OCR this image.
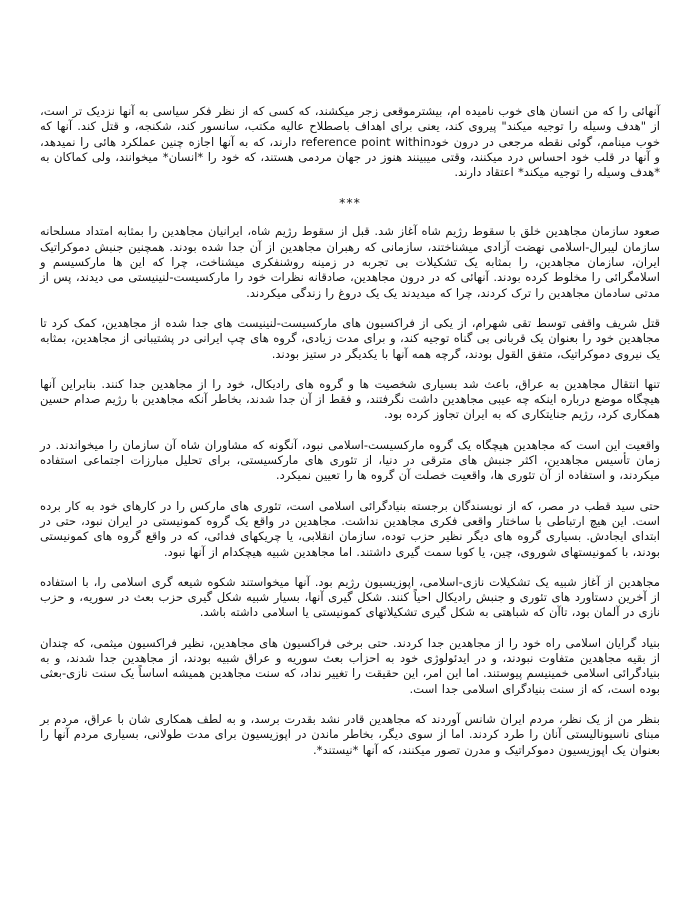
آنهائی را که من انسان های خوب نامیده ام، بیشترموقعی زجر میکشند، که کسی که از نظر فکر سیاسی به آنها نزدیک تر است، از "هدف وسیله را توجیه میکند" پیروی کند، یعنی برای اهداف باصطلاح عالیه مکتب، سانسور کند، شکنجه، و قتل کند. آنها که خوب مینامم، گوئی نقطه مرجعی در درون خودreference point within دارند، که به آنها اجازه چنین عملکرد هائی را نمیدهد، و آنها در قلب خود احساس درد میکنند، وقتی میبینند هنوز در جهان مردمی هستند، که خود را *انسان* میخوانند، ولی کماکان به *هدف وسیله را توجیه میکند* اعتقاد دارند.

***

صعود سازمان مجاهدین خلق با سقوط رژیم شاه آغاز شد. قبل از سقوط رژیم شاه، ایرانیان مجاهدین را بمثابه امتداد مسلحانه سازمان لیبرال-اسلامی نهضت آزادی میشناختند، سازمانی که رهبران مجاهدین از آن جدا شده بودند. همچنین جنبش دموکراتیک ایران، سازمان مجاهدین، را بمثابه یک تشکیلات بی تجربه در زمینه روشنفکری میشناخت، چرا که این ها مارکسیسم و اسلامگرائی را مخلوط کرده بودند. آنهائی که در درون مجاهدین، صادقانه نظرات خود را مارکسیست-لنینیستی می دیدند، پس از مدتی سادمان مجاهدین را ترک کردند، چرا که میدیدند یک یک دروغ را زندگی میکردند.

قتل شریف واقفی توسط تقی شهرام، از یکی از فراکسیون های مارکسیست-لنینیست های جدا شده از مجاهدین، کمک کرد تا مجاهدین خود را بعنوان یک قربانی بی گناه توجیه کند، و برای مدت زیادی، گروه های چپ ایرانی در پشتیبانی از مجاهدین، بمثابه یک نیروی دموکراتیک، متفق القول بودند، گرچه همه آنها با یکدیگر در ستیز بودند.

تنها انتقال مجاهدین به عراق، باعث شد بسیاری شخصیت ها و گروه های رادیکال، خود را از مجاهدین جدا کنند. بنابراین آنها هیچگاه موضع درباره اینکه چه عیبی مجاهدین داشت نگرفتند، و فقط از آن جدا شدند، بخاطر آنکه مجاهدین با رژیم صدام حسین همکاری کرد، رژیم جنایتکاری که به ایران تجاوز کرده بود.

واقعیت این است که مجاهدین هیچگاه یک گروه مارکسیست-اسلامی نبود، آنگونه که مشاوران شاه آن سازمان را میخواندند. در زمان تأسیس مجاهدین، اکثر جنبش های مترقی در دنیا، از تئوری های مارکسیستی، برای تحلیل مبارزات اجتماعی استفاده میکردند، و استفاده از آن تئوری ها، واقعیت خصلت آن گروه ها را تعیین نمیکرد.

حتی سید قطب در مصر، که از نویسندگان برجسته بنیادگرائی اسلامی است، تئوری های مارکس را در کارهای خود به کار برده است. این هیچ ارتباطی با ساختار واقعی فکری مجاهدین نداشت. مجاهدین در واقع یک گروه کمونیستی در ایران نبود، حتی در ابتدای ایجادش. بسیاری گروه های دیگر نظیر حزب توده، سازمان انقلابی، یا چریکهای فدائی، که در واقع گروه های کمونیستی بودند، با کمونیستهای شوروی، چین، یا کوبا سمت گیری داشتند. اما مجاهدین شبیه هیچکدام از آنها نبود.

مجاهدین از آغاز شبیه یک تشکیلات نازی-اسلامی، اپوزیسیون رژیم بود. آنها میخواستند شکوه شیعه گری اسلامی را، با استفاده از آخرین دستاورد های تئوری و جنبش رادیکال احیاً کنند. شکل گیری آنها، بسیار شبیه شکل گیری حزب بعث در سوریه، و حزب نازی در آلمان بود، تاآن که شباهتی به شکل گیری تشکیلاتهای کمونیستی یا اسلامی داشته باشد.

بنیاد گرایان اسلامی راه خود را از مجاهدین جدا کردند. حتی برخی فراکسیون های مجاهدین، نظیر فراکسیون میثمی، که چندان از بقیه مجاهدین متفاوت نبودند، و در ایدئولوژی خود به احزاب بعث سوریه و عراق شبیه بودند، از مجاهدین جدا شدند، و به بنیادگرائی اسلامی خمینیسم پیوستند. اما این امر، این حقیقت را تغییر نداد، که سنت مجاهدین همیشه اساساً یک سنت نازی-بعثی بوده است، که از سنت بنیادگرای اسلامی جدا است.

بنظر من از یک نظر، مردم ایران شانس آوردند که مجاهدین قادر نشد بقدرت برسد، و به لطف همکاری شان با عراق، مردم بر مبنای ناسیونالیستی آنان را طرد کردند. اما از سوی دیگر، بخاطر ماندن در اپوزیسیون برای مدت طولانی، بسیاری مردم آنها را بعنوان یک اپوزیسیون دموکراتیک و مدرن تصور میکنند، که آنها *نیستند*.
